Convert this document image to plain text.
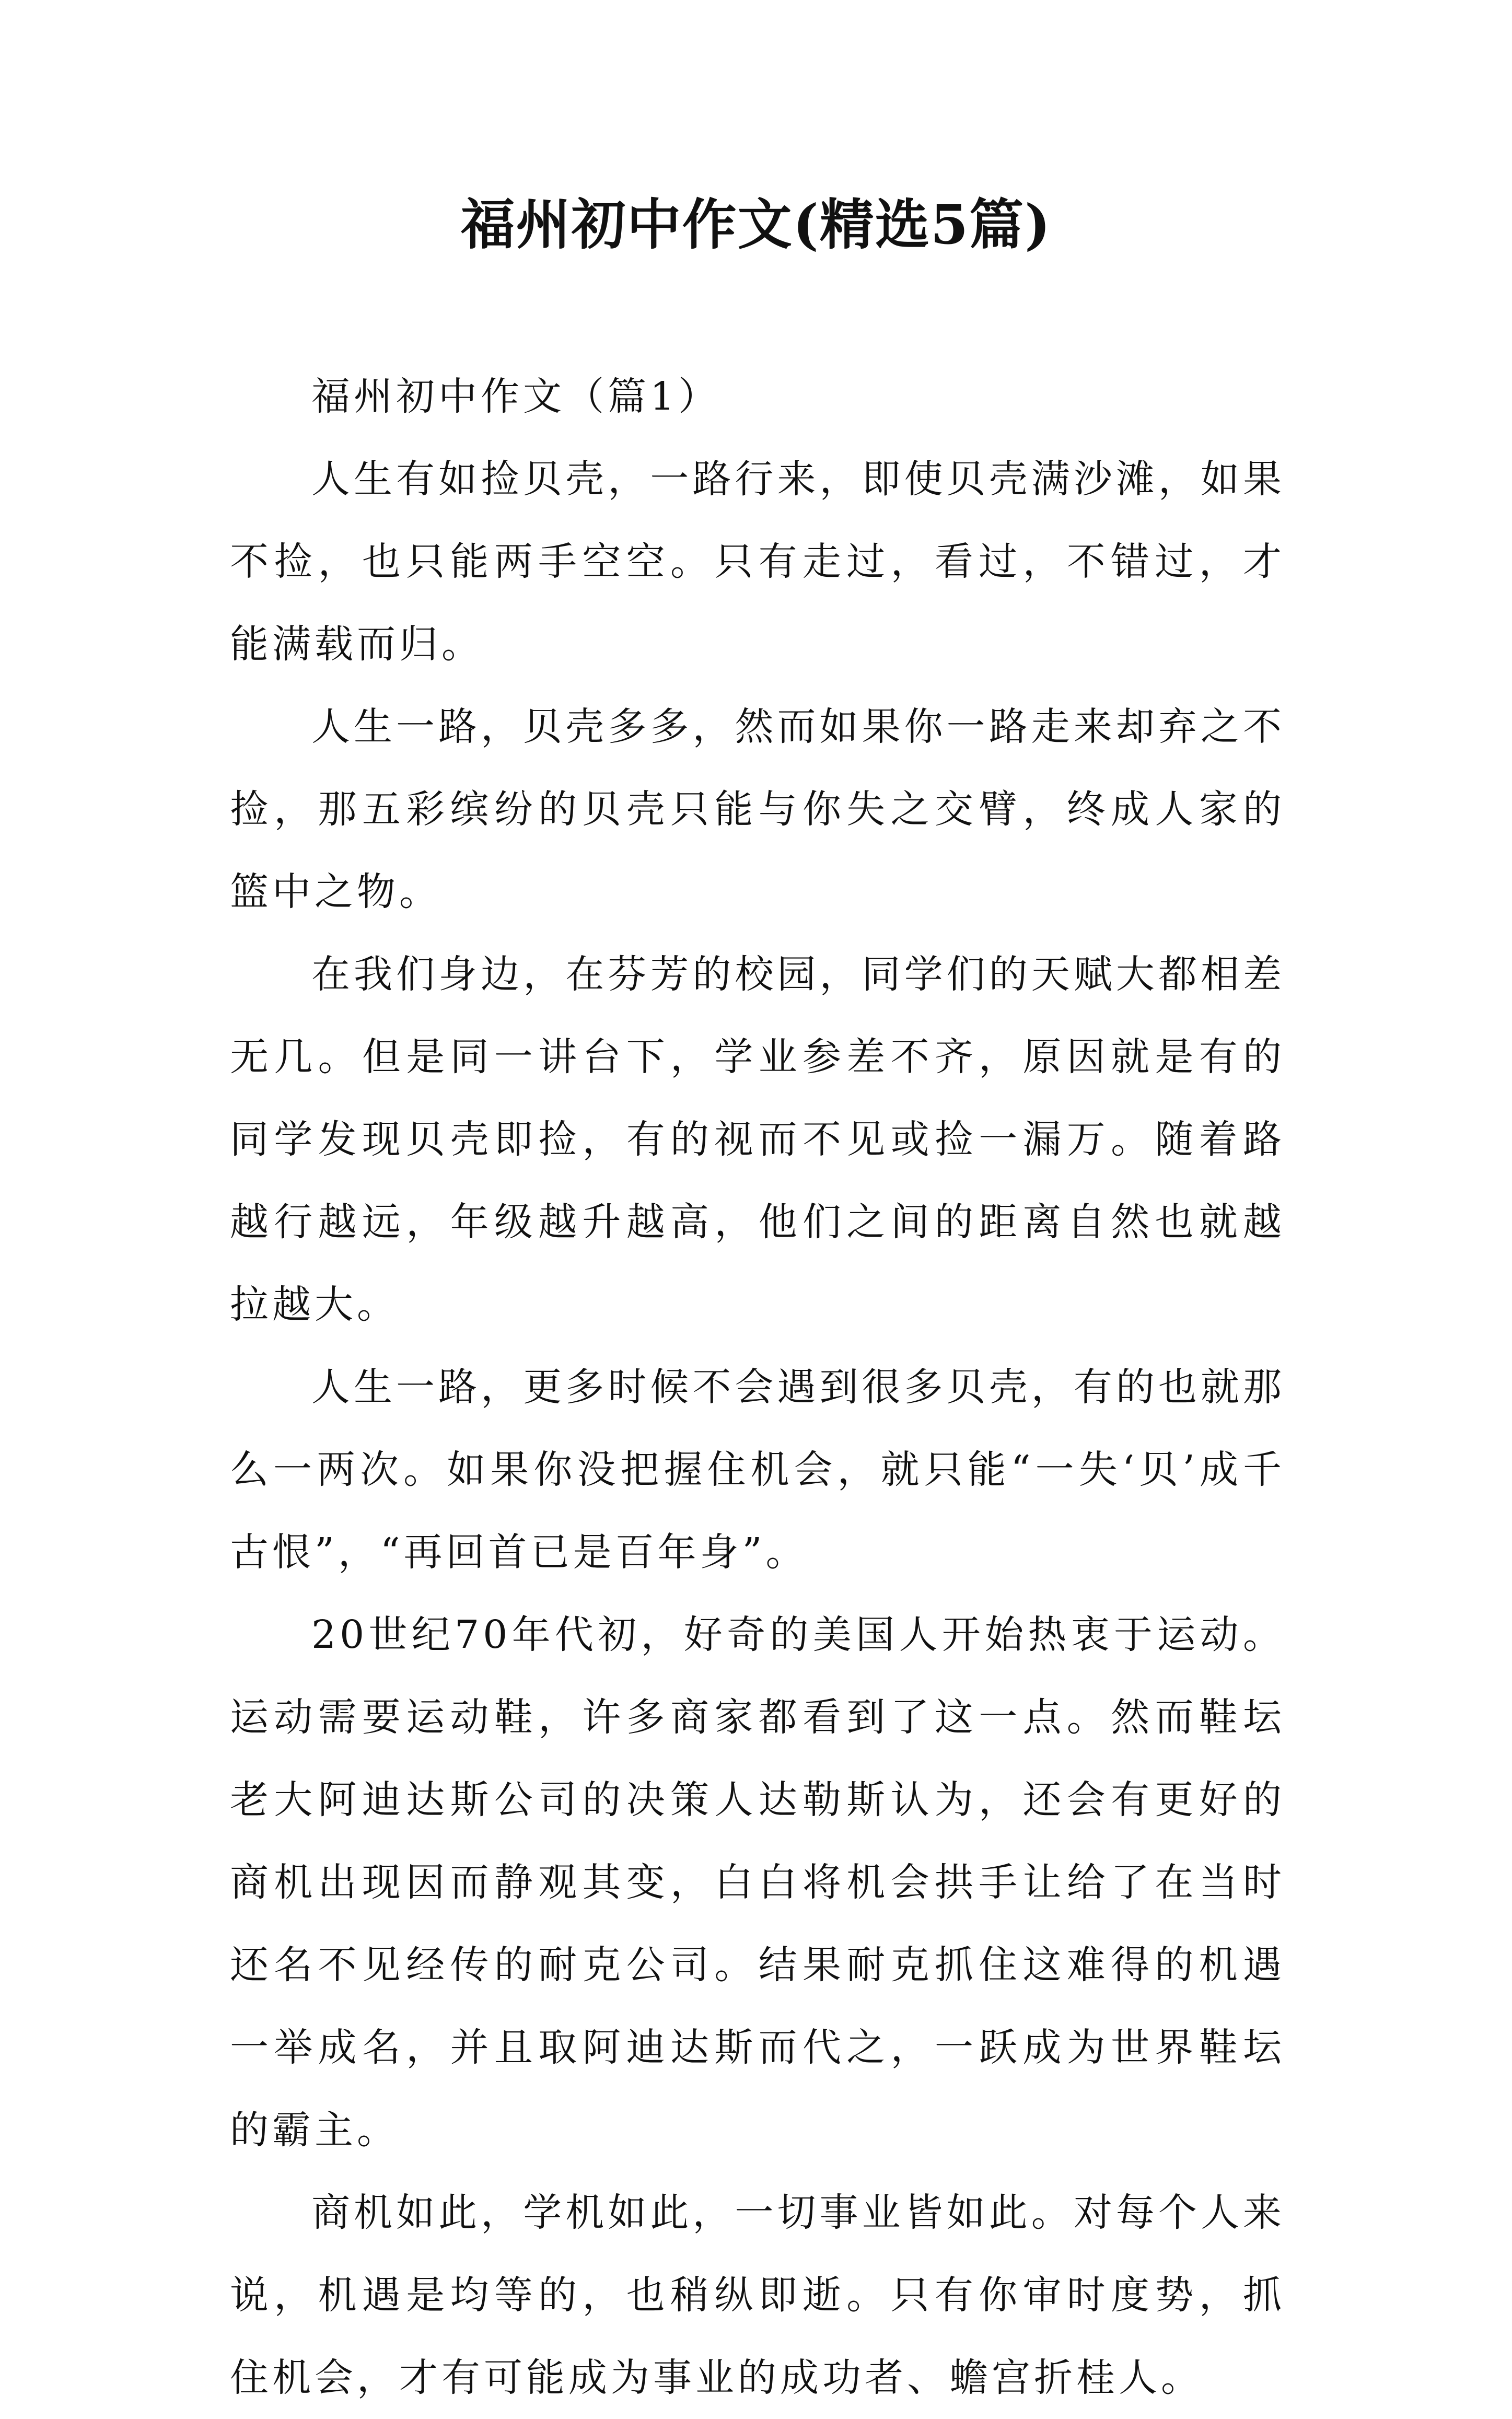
福州初中作文(精选5篇)

福州初中作文（篇1）

人生有如捡贝壳，一路行来，即使贝壳满沙滩，如果不捡，也只能两手空空。只有走过，看过，不错过，才能满载而归。

人生一路，贝壳多多，然而如果你一路走来却弃之不捡，那五彩缤纷的贝壳只能与你失之交臂，终成人家的篮中之物。

在我们身边，在芬芳的校园，同学们的天赋大都相差无几。但是同一讲台下，学业参差不齐，原因就是有的同学发现贝壳即捡，有的视而不见或捡一漏万。随着路越行越远，年级越升越高，他们之间的距离自然也就越拉越大。

人生一路，更多时候不会遇到很多贝壳，有的也就那么一两次。如果你没把握住机会，就只能“一失‘贝’成千古恨”，“再回首已是百年身”。

20世纪70年代初，好奇的美国人开始热衷于运动。运动需要运动鞋，许多商家都看到了这一点。然而鞋坛老大阿迪达斯公司的决策人达勒斯认为，还会有更好的商机出现因而静观其变，白白将机会拱手让给了在当时还名不见经传的耐克公司。结果耐克抓住这难得的机遇一举成名，并且取阿迪达斯而代之，一跃成为世界鞋坛的霸主。

商机如此，学机如此，一切事业皆如此。对每个人来说，机遇是均等的，也稍纵即逝。只有你审时度势，抓住机会，才有可能成为事业的成功者、蟾宫折桂人。
